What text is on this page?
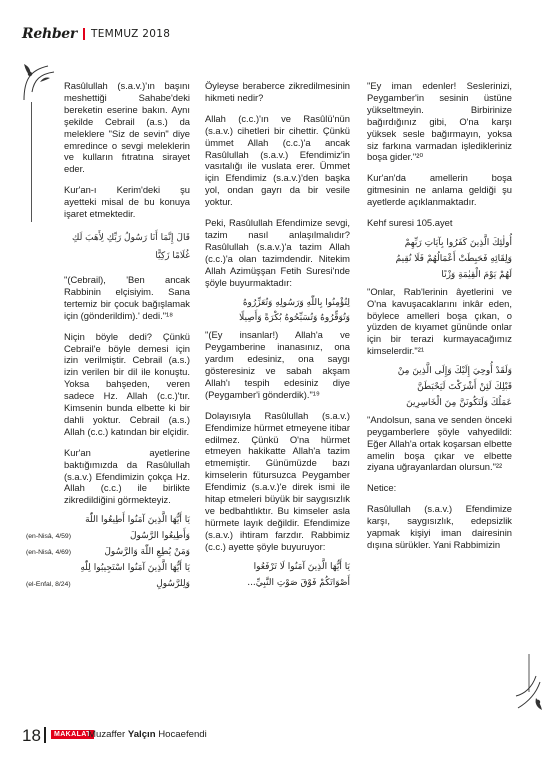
Rehber TEMMUZ 2018

Rasûlullah (s.a.v.)'ın başını meshettiği Sahabe'deki bereketin eserine bakın. Aynı şekilde Cebrail (a.s.) da meleklere "Siz de sevin" diye emredince o sevgi meleklerin ve kulların fıtratına sirayet eder.

Kur'an-ı Kerim'deki şu ayetteki misal de bu konuya işaret etmektedir.

قَالَ إِنَّمَا أَنَا رَسُولُ رَبِّكِ لِأَهَبَ لَكِ غُلَامًا زَكِيًّا

"(Cebrail), 'Ben ancak Rabbinin elçisiyim. Sana tertemiz bir çocuk bağışlamak için (gönderildim).' dedi."¹⁸

Niçin böyle dedi? Çünkü Cebrail'e böyle demesi için izin verilmiştir. Cebrail (a.s.) izin verilen bir dil ile konuştu. Yoksa bahşeden, veren sadece Hz. Allah (c.c.)'tır. Kimsenin bunda elbette ki bir dahli yoktur. Cebrail (a.s.) Allah (c.c.) katından bir elçidir.

Kur'an ayetlerine baktığımızda da Rasûlullah (s.a.v.) Efendimizin çokça Hz. Allah (c.c.) ile birlikte zikredildiğini görmekteyiz.

يَا أَيُّهَا الَّذِينَ آمَنُوا أَطِيعُوا اللّٰهَ
(en-Nisâ, 4/59)	وَأَطِيعُوا الرَّسُولَ
(en-Nisâ, 4/69)	وَمَنْ يُطِعِ اللّٰهَ وَالرَّسُولَ
يَا أَيُّهَا الَّذِينَ آمَنُوا اسْتَجِيبُوا لِلّٰهِ
(el-Enfal, 8/24)	وَلِلرَّسُولِ

Öyleyse beraberce zikredilmesinin hikmeti nedir?

Allah (c.c.)'ın ve Rasûlü'nün (s.a.v.) cihetleri bir cihettir. Çünkü ümmet Allah (c.c.)'a ancak Rasûlullah (s.a.v.) Efendimiz'in vasıtalığı ile vuslata erer. Ümmet için Efendimiz (s.a.v.)'den başka yol, ondan gayrı da bir vesile yoktur.

Peki, Rasûlullah Efendimize sevgi, tazim nasıl anlaşılmalıdır? Rasûlullah (s.a.v.)'a tazim Allah (c.c.)'a olan tazimdendir. Nitekim Allah Azimüşşan Fetih Suresi'nde şöyle buyurmaktadır:

لِتُؤْمِنُوا بِاللّٰهِ وَرَسُولِهِ وَتُعَزِّرُوهُ
وَتُوَقِّرُوهُ وَتُسَبِّحُوهُ بُكْرَةً وَأَصِيلًا

"(Ey insanlar!) Allah'a ve Peygamberine inanasınız, ona yardım edesiniz, ona saygı gösteresiniz ve sabah akşam Allah'ı tespih edesiniz diye (Peygamber'i gönderdik)."¹⁹

Dolayısıyla Rasûlullah (s.a.v.) Efendimize hürmet etmeyene itibar edilmez. Çünkü O'na hürmet etmeyen hakikatte Allah'a tazim etmemiştir. Günümüzde bazı kimselerin fütursuzca Peygamber Efendimiz (s.a.v.)'e direk ismi ile hitap etmeleri büyük bir saygısızlık ve bedbahtlıktır. Bu kimseler asla hürmete layık değildir. Efendimize (s.a.v.) ihtiram farzdır. Rabbimiz (c.c.) ayette şöyle buyuruyor:

يَا أَيُّهَا الَّذِينَ آمَنُوا لَا تَرْفَعُوا
أَصْوَاتَكُمْ فَوْقَ صَوْتِ النَّبِيِّ...

"Ey iman edenler! Seslerinizi, Peygamber'in sesinin üstüne yükseltmeyin. Birbirinize bağırdığınız gibi, O'na karşı yüksek sesle bağırmayın, yoksa siz farkına varmadan işledikleriniz boşa gider."²⁰

Kur'an'da amellerin boşa gitmesinin ne anlama geldiği şu ayetlerde açıklanmaktadır.

Kehf suresi 105.ayet

أُولٰئِكَ الَّذِينَ كَفَرُوا بِآيَاتِ رَبِّهِمْ
وَلِقَائِهِ فَحَبِطَتْ أَعْمَالُهُمْ فَلَا نُقِيمُ
لَهُمْ يَوْمَ الْقِيٰمَةِ وَزْنًا

"Onlar, Rab'lerinin âyetlerini ve O'na kavuşacaklarını inkâr eden, böylece amelleri boşa çıkan, o yüzden de kıyamet gününde onlar için bir terazi kurmayacağımız kimselerdir."²¹

وَلَقَدْ أُوحِيَ إِلَيْكَ وَإِلَى الَّذِينَ مِنْ
قَبْلِكَ لَئِنْ أَشْرَكْتَ لَيَحْبَطَنَّ
عَمَلُكَ وَلَتَكُونَنَّ مِنَ الْخَاسِرِينَ

"Andolsun, sana ve senden önceki peygamberlere şöyle vahyedildi: Eğer Allah'a ortak koşarsan elbette amelin boşa çıkar ve elbette ziyana uğrayanlardan olursun."²²

Netice:

Rasûlullah (s.a.v.) Efendimize karşı, saygısızlık, edepsizlik yapmak kişiyi iman dairesinin dışına sürükler. Yani Rabbimizin

18	MAKALAT
Muzaffer Yalçın Hocaefendi
